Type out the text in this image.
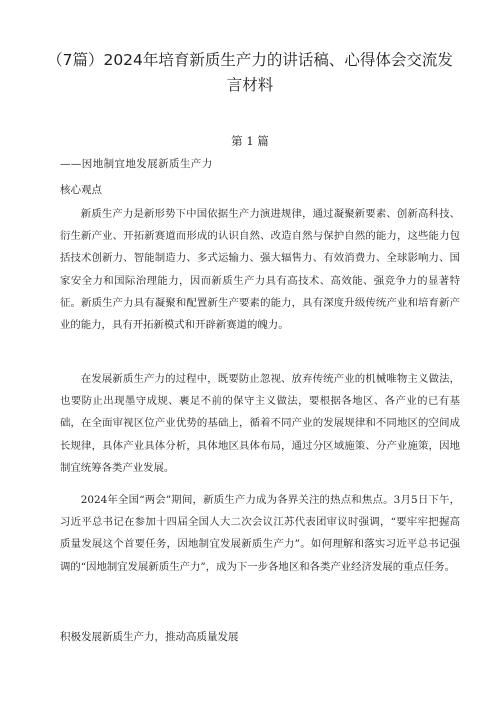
（7篇）2024年培育新质生产力的讲话稿、心得体会交流发言材料
第 1 篇
——因地制宜地发展新质生产力
核心观点

新质生产力是新形势下中国依据生产力演进规律，通过凝聚新要素、创新高科技、衍生新产业、开拓新赛道而形成的认识自然、改造自然与保护自然的能力，这些能力包括技术创新力、智能制造力、多式运输力、强大辐售力、有效消费力、全球影响力、国家安全力和国际治理能力，因而新质生产力具有高技术、高效能、强竞争力的显著特征。新质生产力具有凝聚和配置新生产要素的能力，具有深度升级传统产业和培育新产业的能力，具有开拓新模式和开辟新赛道的魄力。

在发展新质生产力的过程中，既要防止忽视、放弃传统产业的机械唯物主义做法，也要防止出现墨守成规、裹足不前的保守主义做法，要根据各地区、各产业的已有基础，在全面审视区位产业优势的基础上，循着不同产业的发展规律和不同地区的空间成长规律，具体产业具体分析，具体地区具体布局，通过分区域施策、分产业施策，因地制宜统筹各类产业发展。

2024年全国“两会”期间，新质生产力成为各界关注的热点和焦点。3月5日下午，习近平总书记在参加十四届全国人大二次会议江苏代表团审议时强调，“要牢牢把握高质量发展这个首要任务，因地制宜发展新质生产力”。如何理解和落实习近平总书记强调的“因地制宜发展新质生产力”，成为下一步各地区和各类产业经济发展的重点任务。

积极发展新质生产力，推动高质量发展
